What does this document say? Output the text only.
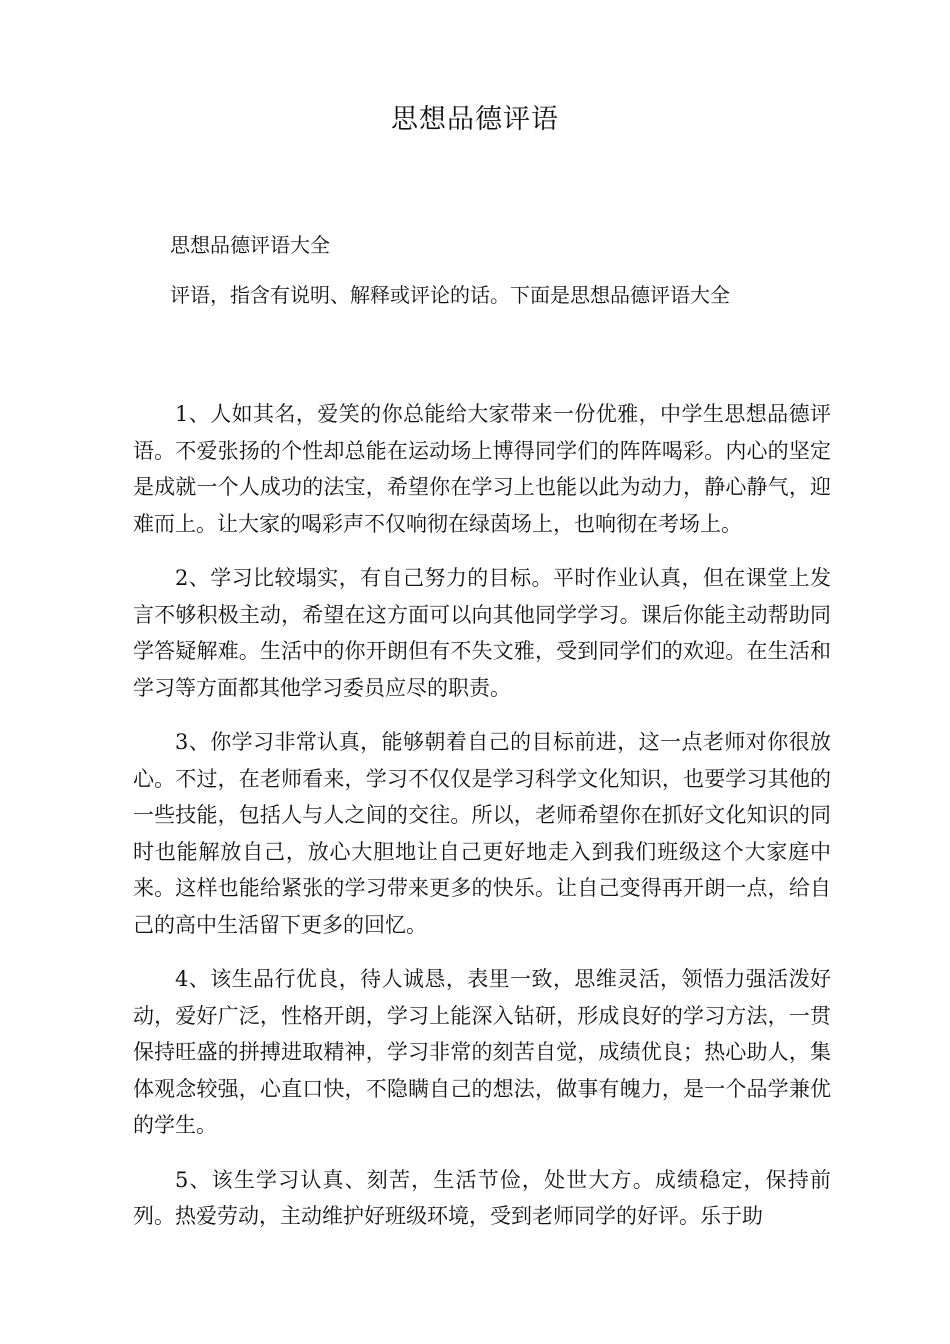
思想品德评语
思想品德评语大全
评语，指含有说明、解释或评论的话。下面是思想品德评语大全

1、人如其名，爱笑的你总能给大家带来一份优雅，中学生思想品德评语。不爱张扬的个性却总能在运动场上博得同学们的阵阵喝彩。内心的坚定是成就一个人成功的法宝，希望你在学习上也能以此为动力，静心静气，迎难而上。让大家的喝彩声不仅响彻在绿茵场上，也响彻在考场上。

2、学习比较塌实，有自己努力的目标。平时作业认真，但在课堂上发言不够积极主动，希望在这方面可以向其他同学学习。课后你能主动帮助同学答疑解难。生活中的你开朗但有不失文雅，受到同学们的欢迎。在生活和学习等方面都其他学习委员应尽的职责。

3、你学习非常认真，能够朝着自己的目标前进，这一点老师对你很放心。不过，在老师看来，学习不仅仅是学习科学文化知识，也要学习其他的一些技能，包括人与人之间的交往。所以，老师希望你在抓好文化知识的同时也能解放自己，放心大胆地让自己更好地走入到我们班级这个大家庭中来。这样也能给紧张的学习带来更多的快乐。让自己变得再开朗一点，给自己的高中生活留下更多的回忆。

4、该生品行优良，待人诚恳，表里一致，思维灵活，领悟力强活泼好动，爱好广泛，性格开朗，学习上能深入钻研，形成良好的学习方法，一贯保持旺盛的拼搏进取精神，学习非常的刻苦自觉，成绩优良；热心助人，集体观念较强，心直口快，不隐瞒自己的想法，做事有魄力，是一个品学兼优的学生。

5、该生学习认真、刻苦，生活节俭，处世大方。成绩稳定，保持前列。热爱劳动，主动维护好班级环境，受到老师同学的好评。乐于助
